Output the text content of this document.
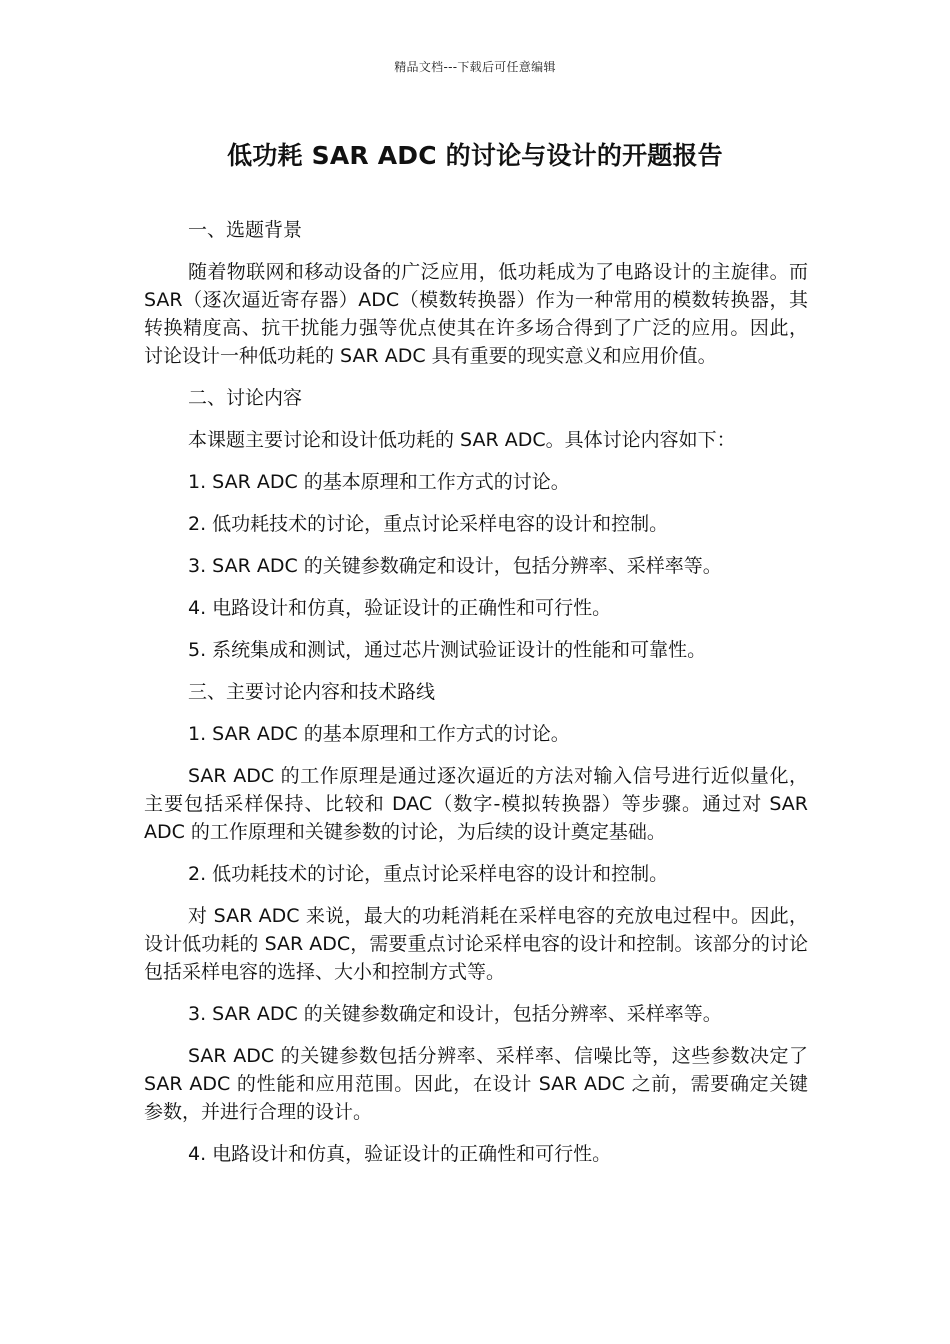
精品文档---下载后可任意编辑
低功耗 SAR ADC 的讨论与设计的开题报告

一、选题背景

随着物联网和移动设备的广泛应用，低功耗成为了电路设计的主旋律。而 SAR（逐次逼近寄存器）ADC（模数转换器）作为一种常用的模数转换器，其转换精度高、抗干扰能力强等优点使其在许多场合得到了广泛的应用。因此，讨论设计一种低功耗的 SAR ADC 具有重要的现实意义和应用价值。

二、讨论内容

本课题主要讨论和设计低功耗的 SAR ADC。具体讨论内容如下：

1. SAR ADC 的基本原理和工作方式的讨论。

2. 低功耗技术的讨论，重点讨论采样电容的设计和控制。

3. SAR ADC 的关键参数确定和设计，包括分辨率、采样率等。

4. 电路设计和仿真，验证设计的正确性和可行性。

5. 系统集成和测试，通过芯片测试验证设计的性能和可靠性。

三、主要讨论内容和技术路线

1. SAR ADC 的基本原理和工作方式的讨论。

SAR ADC 的工作原理是通过逐次逼近的方法对输入信号进行近似量化，主要包括采样保持、比较和 DAC（数字-模拟转换器）等步骤。通过对 SAR ADC 的工作原理和关键参数的讨论，为后续的设计奠定基础。

2. 低功耗技术的讨论，重点讨论采样电容的设计和控制。

对 SAR ADC 来说，最大的功耗消耗在采样电容的充放电过程中。因此，设计低功耗的 SAR ADC，需要重点讨论采样电容的设计和控制。该部分的讨论包括采样电容的选择、大小和控制方式等。

3. SAR ADC 的关键参数确定和设计，包括分辨率、采样率等。

SAR ADC 的关键参数包括分辨率、采样率、信噪比等，这些参数决定了 SAR ADC 的性能和应用范围。因此，在设计 SAR ADC 之前，需要确定关键参数，并进行合理的设计。

4. 电路设计和仿真，验证设计的正确性和可行性。
